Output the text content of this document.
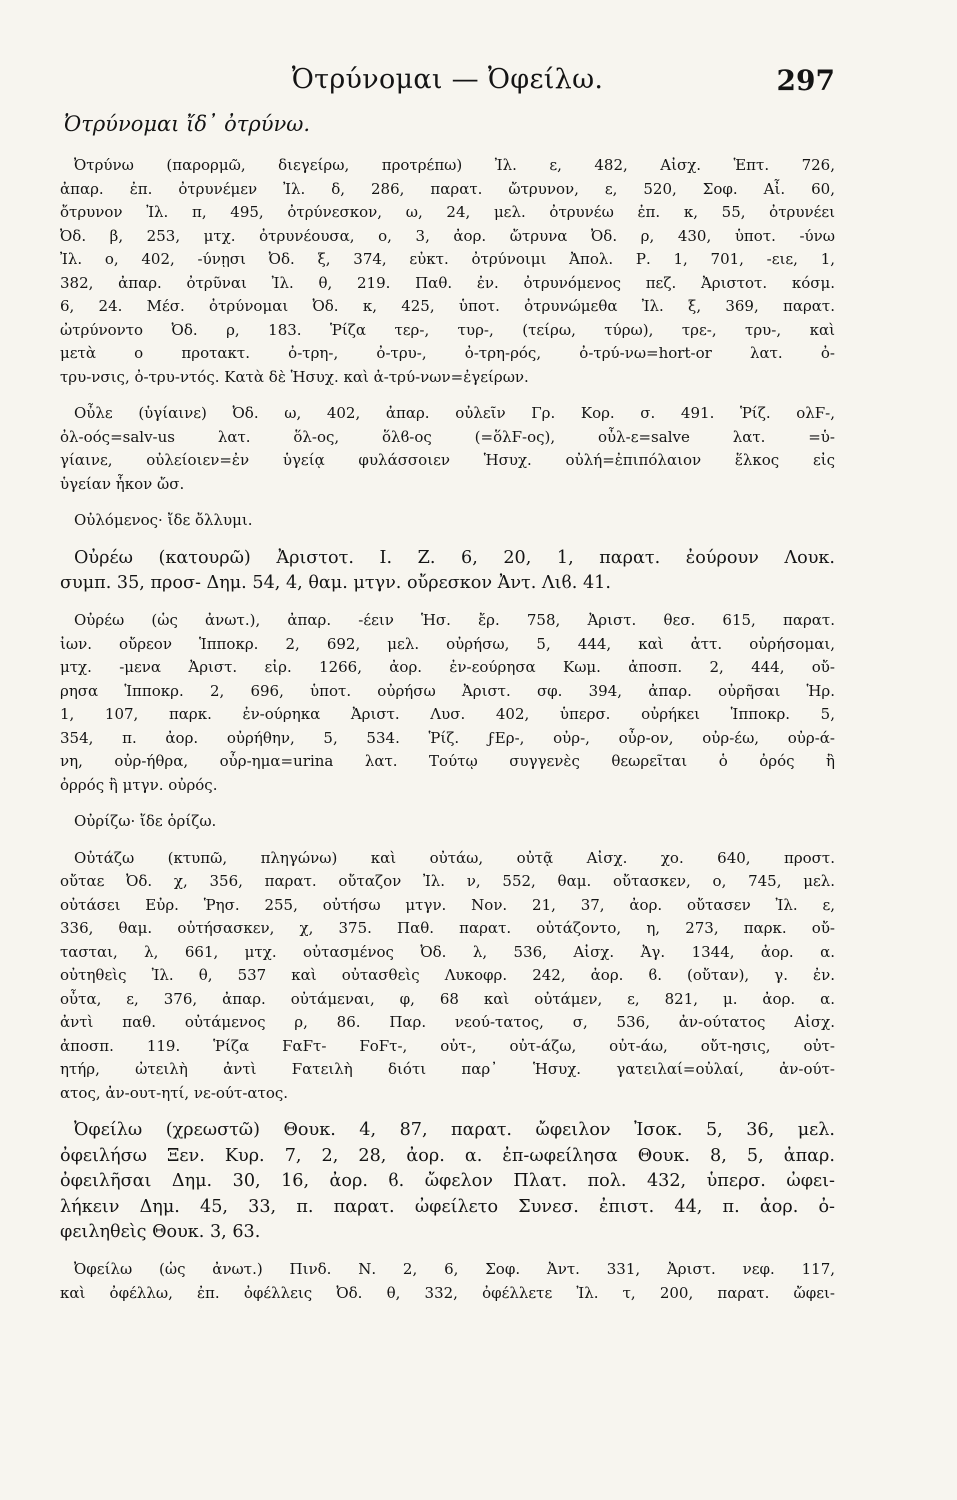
Ὀτρύνομαι — Ὀφείλω.	297
Ὀτρύνομαι ἴδ᾽ ὀτρύνω.
Ὀτρύνω (παρορμῶ, διεγείρω, προτρέπω) Ἰλ. ε, 482, Αἰσχ. Ἑπτ. 726,
ἀπαρ. ἐπ. ὀτρυνέμεν Ἰλ. δ, 286, παρατ. ὤτρυνον, ε, 520, Σοφ. Αἶ. 60,
ὄτρυνον Ἰλ. π, 495, ὀτρύνεσκον, ω, 24, μελ. ὀτρυνέω ἐπ. κ, 55, ὀτρυνέει
Ὀδ. β, 253, μτχ. ὀτρυνέουσα, ο, 3, ἀορ. ὤτρυνα Ὀδ. ρ, 430, ὑποτ. -ύνω
Ἰλ. ο, 402, -ύνῃσι Ὀδ. ξ, 374, εὐκτ. ὀτρύνοιμι Ἀπολ. Ρ. 1, 701, -ειε, 1,
382, ἀπαρ. ὀτρῦναι Ἰλ. θ, 219. Παθ. ἐν. ὀτρυνόμενος πεζ. Ἀριστοτ. κόσμ.
6, 24. Μέσ. ὀτρύνομαι Ὀδ. κ, 425, ὑποτ. ὀτρυνώμεθα Ἰλ. ξ, 369, παρατ.
ὠτρύνοντο Ὀδ. ρ, 183. Ῥίζα τερ-, τυρ-, (τείρω, τύρω), τρε-, τρυ-, καὶ
μετὰ ο προτακτ. ὀ-τρη-, ὀ-τρυ-, ὀ-τρη-ρός, ὀ-τρύ-νω=hort-or λατ. ὀ-
τρυ-νσις, ὀ-τρυ-ντός. Κατὰ δὲ Ἡσυχ. καὶ ἀ-τρύ-νων=ἐγείρων.
Οὖλε (ὑγίαινε) Ὀδ. ω, 402, ἀπαρ. οὐλεῖν Γρ. Κορ. σ. 491. Ῥίζ. ολϜ-,
ὀλ-οός=salv-us λατ. ὅλ-ος, ὅλϐ-ος (=ὅλϜ-ος), οὖλ-ε=salve λατ. =ὑ-
γίαινε, οὐλείοιεν=ἐν ὑγείᾳ φυλάσσοιεν Ἡσυχ. οὐλή=ἐπιπόλαιον ἕλκος εἰς
ὑγείαν ἧκον ὤσ.
Οὐλόμενος· ἴδε ὄλλυμι.
Οὐρέω (κατουρῶ) Ἀριστοτ. Ι. Ζ. 6, 20, 1, παρατ. ἐούρουν Λουκ.
συμπ. 35, προσ- Δημ. 54, 4, θαμ. μτγν. οὔρεσκον Ἀντ. Λιϐ. 41.
Οὐρέω (ὡς ἀνωτ.), ἀπαρ. -έειν Ἡσ. ἔρ. 758, Ἀριστ. θεσ. 615, παρατ.
ἰων. οὔρεον Ἱπποκρ. 2, 692, μελ. οὐρήσω, 5, 444, καὶ ἀττ. οὐρήσομαι,
μτχ. -μενα Ἀριστ. εἰρ. 1266, ἀορ. ἐν-εούρησα Κωμ. ἀποσπ. 2, 444, οὔ-
ρησα Ἱπποκρ. 2, 696, ὑποτ. οὐρήσω Ἀριστ. σφ. 394, ἀπαρ. οὐρῆσαι Ἡρ.
1, 107, παρκ. ἐν-ούρηκα Ἀριστ. Λυσ. 402, ὑπερσ. οὐρήκει Ἱπποκρ. 5,
354, π. ἀορ. οὐρήθην, 5, 534. Ῥίζ. ϝΕρ-, οὐρ-, οὖρ-ον, οὐρ-έω, οὐρ-ά-
νη, οὐρ-ήθρα, οὖρ-ημα=urina λατ. Τούτῳ συγγενὲς θεωρεῖται ὁ ὀρός ἢ
ὀρρός ἢ μτγν. οὐρός.
Οὐρίζω· ἴδε ὁρίζω.
Οὐτάζω (κτυπῶ, πληγώνω) καὶ οὐτάω, οὐτᾷ Αἰσχ. χο. 640, προστ.
οὔταε Ὀδ. χ, 356, παρατ. οὔταζον Ἰλ. ν, 552, θαμ. οὔτασκεν, ο, 745, μελ.
οὐτάσει Εὐρ. Ῥησ. 255, οὐτήσω μτγν. Νον. 21, 37, ἀορ. οὔτασεν Ἰλ. ε,
336, θαμ. οὐτήσασκεν, χ, 375. Παθ. παρατ. οὐτάζοντο, η, 273, παρκ. οὔ-
τασται, λ, 661, μτχ. οὐτασμένος Ὀδ. λ, 536, Αἰσχ. Ἀγ. 1344, ἀορ. α.
οὐτηθεὶς Ἰλ. θ, 537 καὶ οὐτασθεὶς Λυκοφρ. 242, ἀορ. ϐ. (οὔταν), γ. ἐν.
οὖτα, ε, 376, ἀπαρ. οὐτάμεναι, φ, 68 καὶ οὐτάμεν, ε, 821, μ. ἀορ. α.
ἀντὶ παθ. οὐτάμενος ρ, 86. Παρ. νεού-τατος, σ, 536, ἀν-ούτατος Αἰσχ.
ἀποσπ. 119. Ῥίζα ϜαϜτ- ϜοϜτ-, οὐτ-, οὐτ-άζω, οὐτ-άω, οὔτ-ησις, οὐτ-
ητήρ, ὠτειλὴ ἀντὶ Ϝατειλὴ διότι παρ᾽ Ἡσυχ. γατειλαί=οὐλαί, ἀν-ούτ-
ατος, ἀν-ουτ-ητί, νε-ούτ-ατος.
Ὀφείλω (χρεωστῶ) Θουκ. 4, 87, παρατ. ὤφειλον Ἰσοκ. 5, 36, μελ.
ὀφειλήσω Ξεν. Κυρ. 7, 2, 28, ἀορ. α. ἐπ-ωφείλησα Θουκ. 8, 5, ἀπαρ.
ὀφειλῆσαι Δημ. 30, 16, ἀορ. ϐ. ὤφελον Πλατ. πολ. 432, ὑπερσ. ὠφει-
λήκειν Δημ. 45, 33, π. παρατ. ὠφείλετο Συνεσ. ἐπιστ. 44, π. ἀορ. ὀ-
φειληθεὶς Θουκ. 3, 63.
Ὀφείλω (ὡς ἀνωτ.) Πινδ. Ν. 2, 6, Σοφ. Ἀντ. 331, Ἀριστ. νεφ. 117,
καὶ ὀφέλλω, ἐπ. ὀφέλλεις Ὀδ. θ, 332, ὀφέλλετε Ἰλ. τ, 200, παρατ. ὤφει-
